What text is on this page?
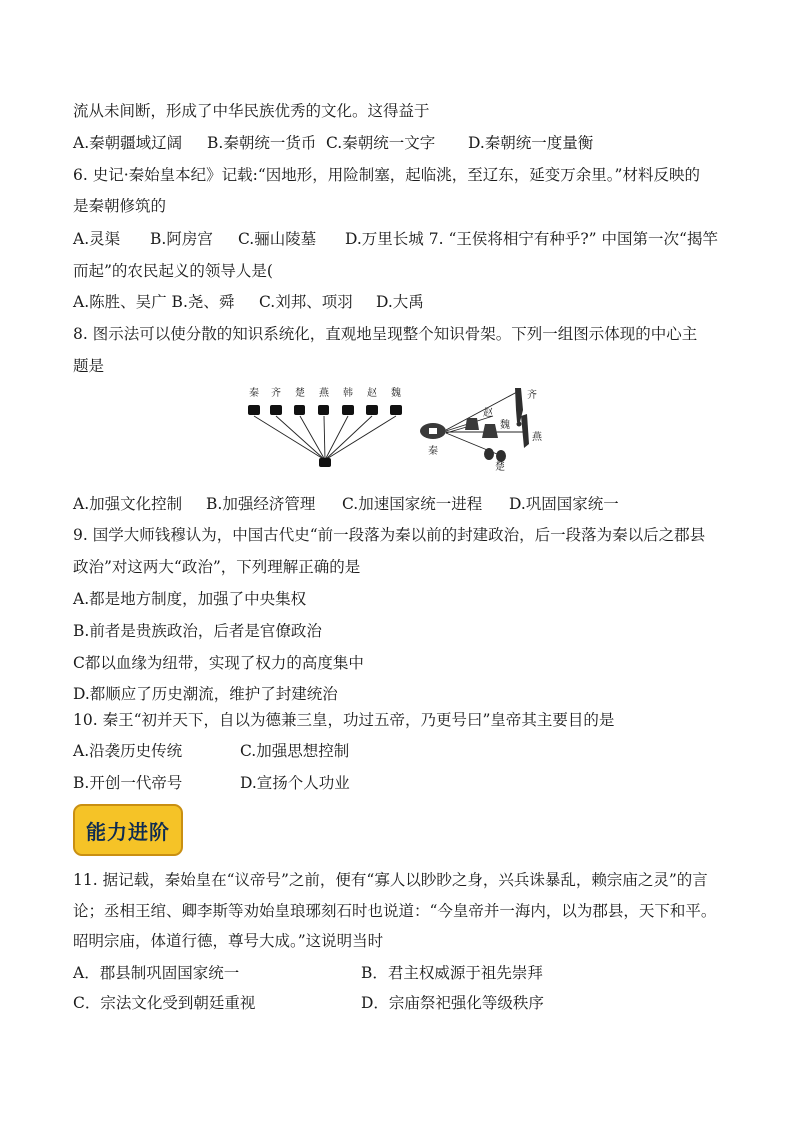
流从未间断，形成了中华民族优秀的文化。这得益于
A.秦朝疆域辽阔 B.秦朝统一货币 C.秦朝统一文字 D.秦朝统一度量衡
6. 史记·秦始皇本纪》记载:“因地形，用险制塞，起临洮，至辽东，延变万余里。”材料反映的
是秦朝修筑的
A.灵渠 B.阿房宫 C.骊山陵墓 D.万里长城 7. “王侯将相宁有种乎?” 中国第一次“揭竿
而起”的农民起义的领导人是(
A.陈胜、吴广 B.尧、舜 C.刘邦、项羽 D.大禹
8. 图示法可以使分散的知识系统化，直观地呈现整个知识骨架。下列一组图示体现的中心主
题是
秦 齐 楚 燕 韩 赵 魏
秦
齐
赵
魏
燕
楚
A.加强文化控制 B.加强经济管理 C.加速国家统一进程 D.巩固国家统一
9. 国学大师钱穆认为，中国古代史“前一段落为秦以前的封建政治，后一段落为秦以后之郡县
政治”对这两大“政治”，下列理解正确的是
A.都是地方制度，加强了中央集权
B.前者是贵族政治，后者是官僚政治
C都以血缘为纽带，实现了权力的高度集中
D.都顺应了历史潮流，维护了封建统治
10. 秦王“初并天下，自以为德兼三皇，功过五帝，乃更号曰”皇帝其主要目的是
A.沿袭历史传统	C.加强思想控制
B.开创一代帝号	D.宣扬个人功业
能力进阶
11. 据记载，秦始皇在“议帝号”之前，便有“寡人以眇眇之身，兴兵诛暴乱，赖宗庙之灵”的言
论；丞相王绾、卿李斯等劝始皇琅琊刻石时也说道：“今皇帝并一海内，以为郡县，天下和平。
昭明宗庙，体道行德，尊号大成。”这说明当时
A．郡县制巩固国家统一	B．君主权威源于祖先崇拜
C．宗法文化受到朝廷重视	D．宗庙祭祀强化等级秩序
